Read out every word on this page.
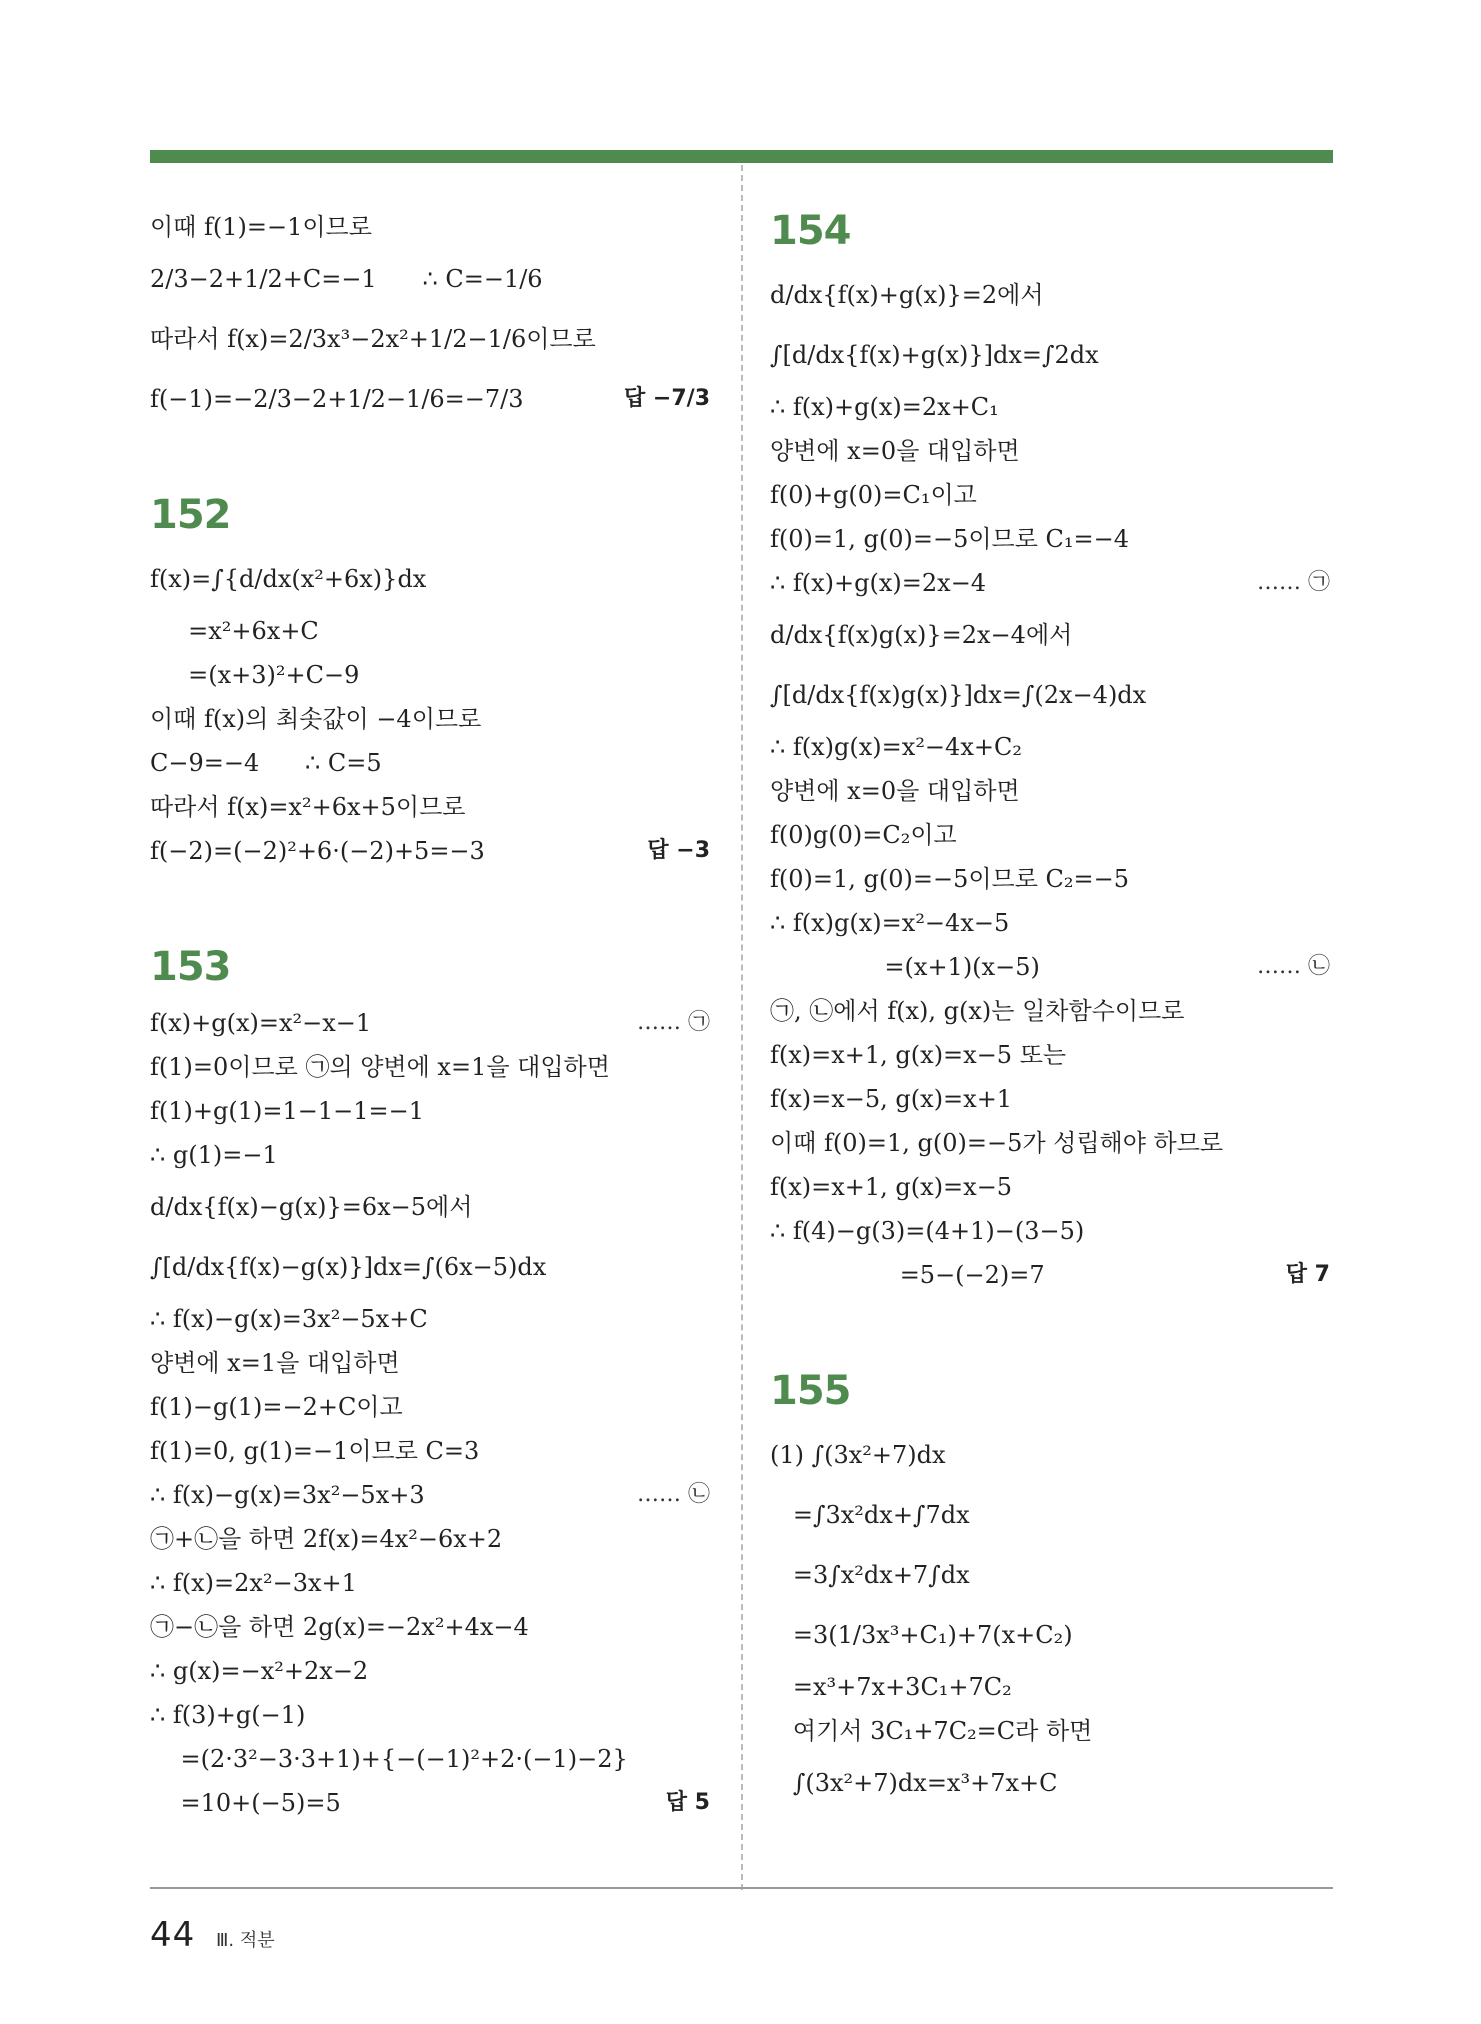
이때 f(1)=−1이므로
2/3−2+1/2+C=−1      ∴ C=−1/6
따라서 f(x)=2/3x³−2x²+1/2−1/6이므로
f(−1)=−2/3−2+1/2−1/6=−7/3	답 −7/3
152
f(x)=∫{d/dx(x²+6x)}dx
=x²+6x+C
=(x+3)²+C−9
이때 f(x)의 최솟값이 −4이므로
C−9=−4      ∴ C=5
따라서 f(x)=x²+6x+5이므로
f(−2)=(−2)²+6·(−2)+5=−3	답 −3
153
f(x)+g(x)=x²−x−1	…… ㉠
f(1)=0이므로 ㉠의 양변에 x=1을 대입하면
f(1)+g(1)=1−1−1=−1
∴ g(1)=−1
d/dx{f(x)−g(x)}=6x−5에서
∫[d/dx{f(x)−g(x)}]dx=∫(6x−5)dx
∴ f(x)−g(x)=3x²−5x+C
양변에 x=1을 대입하면
f(1)−g(1)=−2+C이고
f(1)=0, g(1)=−1이므로 C=3
∴ f(x)−g(x)=3x²−5x+3	…… ㉡
㉠+㉡을 하면 2f(x)=4x²−6x+2
∴ f(x)=2x²−3x+1
㉠−㉡을 하면 2g(x)=−2x²+4x−4
∴ g(x)=−x²+2x−2
∴ f(3)+g(−1)
=(2·3²−3·3+1)+{−(−1)²+2·(−1)−2}
=10+(−5)=5	답 5
154
d/dx{f(x)+g(x)}=2에서
∫[d/dx{f(x)+g(x)}]dx=∫2dx
∴ f(x)+g(x)=2x+C₁
양변에 x=0을 대입하면
f(0)+g(0)=C₁이고
f(0)=1, g(0)=−5이므로 C₁=−4
∴ f(x)+g(x)=2x−4	…… ㉠
d/dx{f(x)g(x)}=2x−4에서
∫[d/dx{f(x)g(x)}]dx=∫(2x−4)dx
∴ f(x)g(x)=x²−4x+C₂
양변에 x=0을 대입하면
f(0)g(0)=C₂이고
f(0)=1, g(0)=−5이므로 C₂=−5
∴ f(x)g(x)=x²−4x−5
=(x+1)(x−5)	…… ㉡
㉠, ㉡에서 f(x), g(x)는 일차함수이므로
f(x)=x+1, g(x)=x−5 또는
f(x)=x−5, g(x)=x+1
이때 f(0)=1, g(0)=−5가 성립해야 하므로
f(x)=x+1, g(x)=x−5
∴ f(4)−g(3)=(4+1)−(3−5)
=5−(−2)=7	답 7
155
(1) ∫(3x²+7)dx
=∫3x²dx+∫7dx
=3∫x²dx+7∫dx
=3(1/3x³+C₁)+7(x+C₂)
=x³+7x+3C₁+7C₂
여기서 3C₁+7C₂=C라 하면
∫(3x²+7)dx=x³+7x+C
44 Ⅲ. 적분
